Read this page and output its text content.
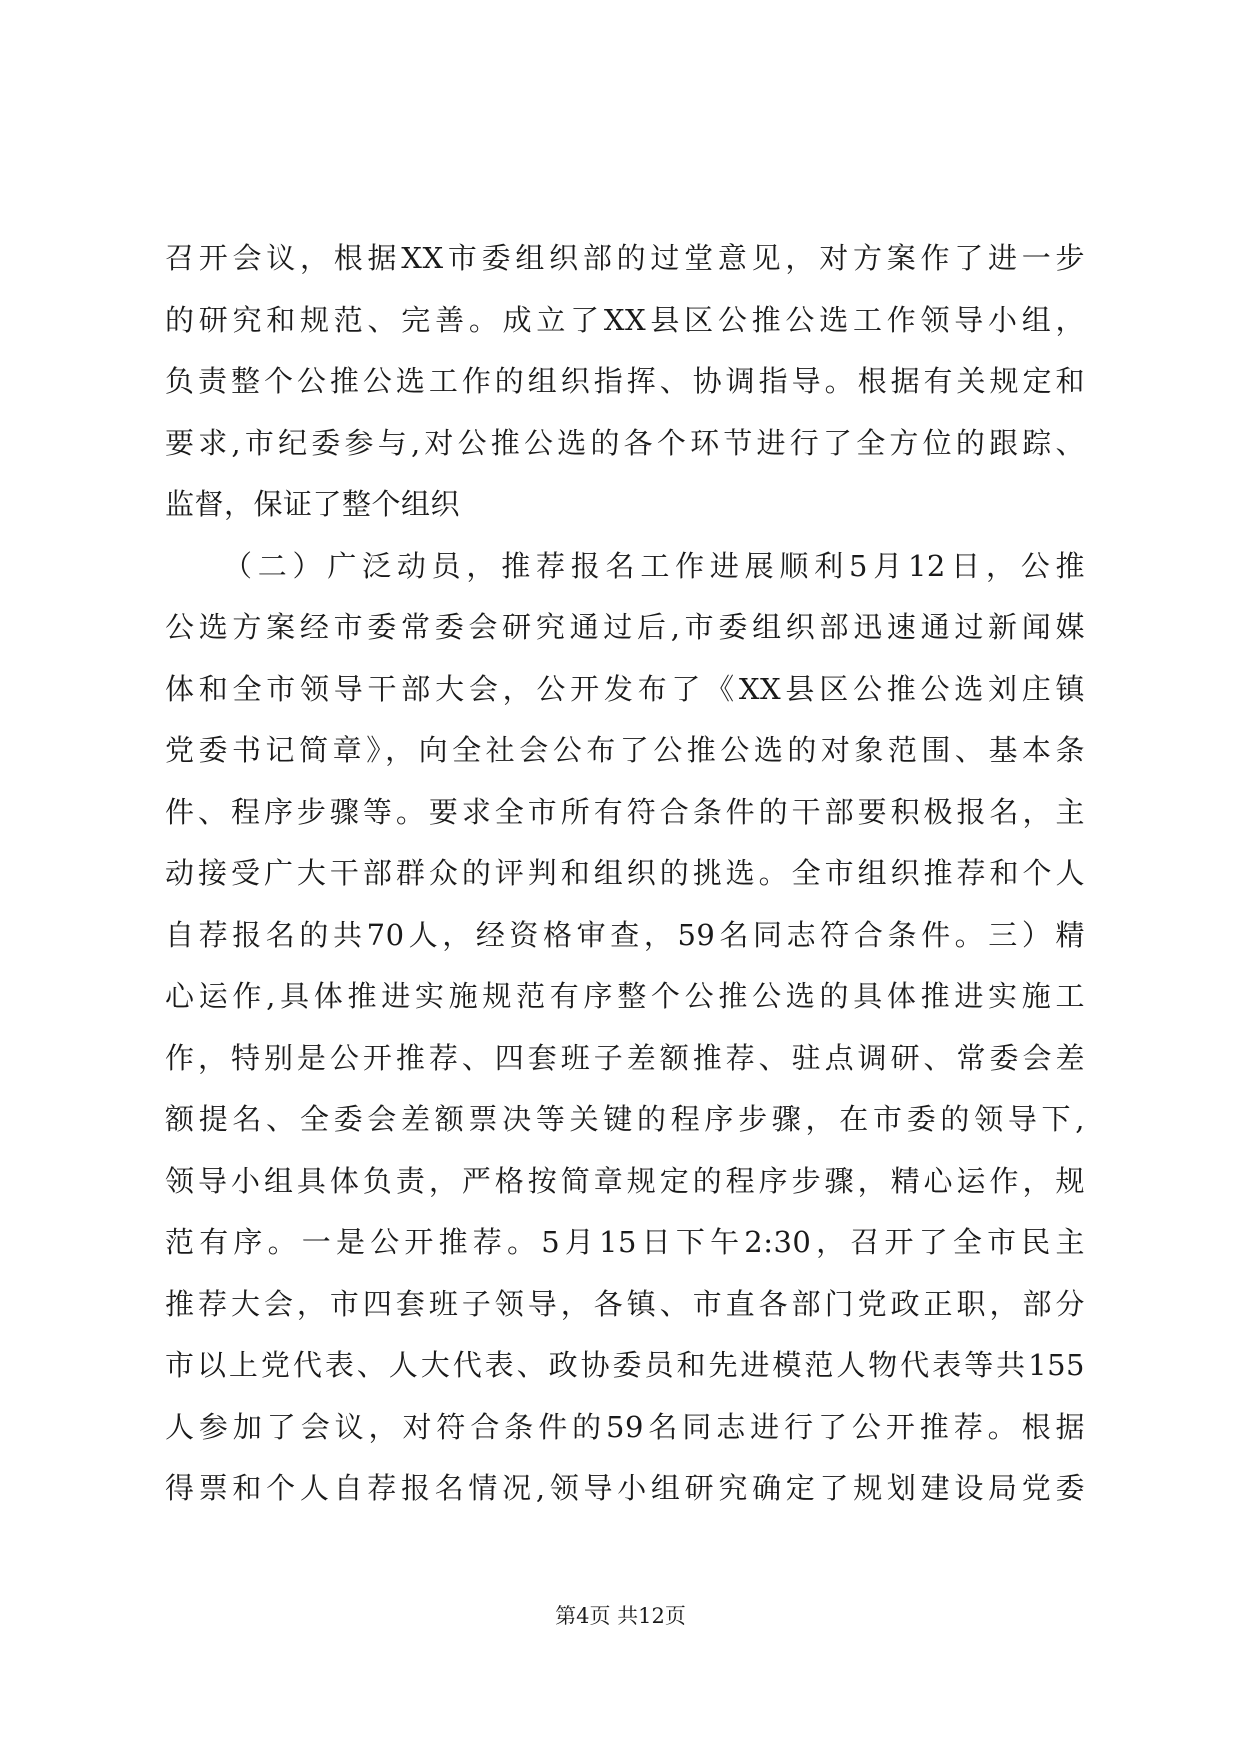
召开会议，根据XX市委组织部的过堂意见，对方案作了进一步
的研究和规范、完善。成立了XX县区公推公选工作领导小组，
负责整个公推公选工作的组织指挥、协调指导。根据有关规定和
要求,市纪委参与,对公推公选的各个环节进行了全方位的跟踪、
监督，保证了整个组织
（二）广泛动员，推荐报名工作进展顺利5月12日，公推
公选方案经市委常委会研究通过后,市委组织部迅速通过新闻媒
体和全市领导干部大会，公开发布了《XX县区公推公选刘庄镇
党委书记简章》，向全社会公布了公推公选的对象范围、基本条
件、程序步骤等。要求全市所有符合条件的干部要积极报名，主
动接受广大干部群众的评判和组织的挑选。全市组织推荐和个人
自荐报名的共70人，经资格审查，59名同志符合条件。三）精
心运作,具体推进实施规范有序整个公推公选的具体推进实施工
作，特别是公开推荐、四套班子差额推荐、驻点调研、常委会差
额提名、全委会差额票决等关键的程序步骤，在市委的领导下,
领导小组具体负责，严格按简章规定的程序步骤，精心运作，规
范有序。一是公开推荐。5月15日下午2:30，召开了全市民主
推荐大会，市四套班子领导，各镇、市直各部门党政正职，部分
市以上党代表、人大代表、政协委员和先进模范人物代表等共155
人参加了会议，对符合条件的59名同志进行了公开推荐。根据
得票和个人自荐报名情况,领导小组研究确定了规划建设局党委
第4页 共12页
